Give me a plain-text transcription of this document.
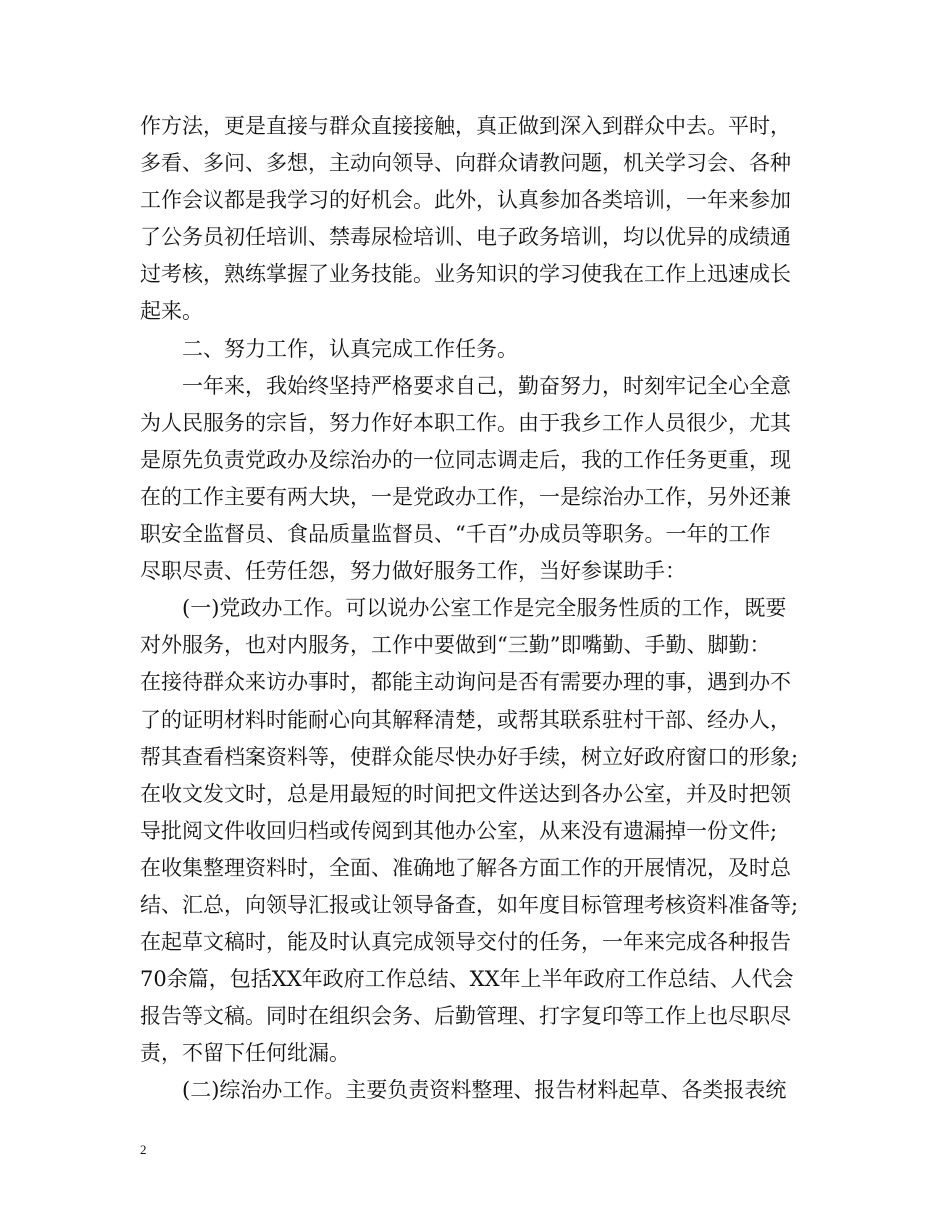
作方法，更是直接与群众直接接触，真正做到深入到群众中去。平时，
多看、多问、多想，主动向领导、向群众请教问题，机关学习会、各种
工作会议都是我学习的好机会。此外，认真参加各类培训，一年来参加
了公务员初任培训、禁毒尿检培训、电子政务培训，均以优异的成绩通
过考核，熟练掌握了业务技能。业务知识的学习使我在工作上迅速成长
起来。
二、努力工作，认真完成工作任务。
一年来，我始终坚持严格要求自己，勤奋努力，时刻牢记全心全意
为人民服务的宗旨，努力作好本职工作。由于我乡工作人员很少，尤其
是原先负责党政办及综治办的一位同志调走后，我的工作任务更重，现
在的工作主要有两大块，一是党政办工作，一是综治办工作，另外还兼
职安全监督员、食品质量监督员、“千百”办成员等职务。一年的工作
尽职尽责、任劳任怨，努力做好服务工作，当好参谋助手：
(一)党政办工作。可以说办公室工作是完全服务性质的工作，既要
对外服务，也对内服务，工作中要做到“三勤”即嘴勤、手勤、脚勤：
在接待群众来访办事时，都能主动询问是否有需要办理的事，遇到办不
了的证明材料时能耐心向其解释清楚，或帮其联系驻村干部、经办人，
帮其查看档案资料等，使群众能尽快办好手续，树立好政府窗口的形象;
在收文发文时，总是用最短的时间把文件送达到各办公室，并及时把领
导批阅文件收回归档或传阅到其他办公室，从来没有遗漏掉一份文件;
在收集整理资料时，全面、准确地了解各方面工作的开展情况，及时总
结、汇总，向领导汇报或让领导备查，如年度目标管理考核资料准备等;
在起草文稿时，能及时认真完成领导交付的任务，一年来完成各种报告
70余篇，包括XX年政府工作总结、XX年上半年政府工作总结、人代会
报告等文稿。同时在组织会务、后勤管理、打字复印等工作上也尽职尽
责，不留下任何纰漏。
(二)综治办工作。主要负责资料整理、报告材料起草、各类报表统
2
